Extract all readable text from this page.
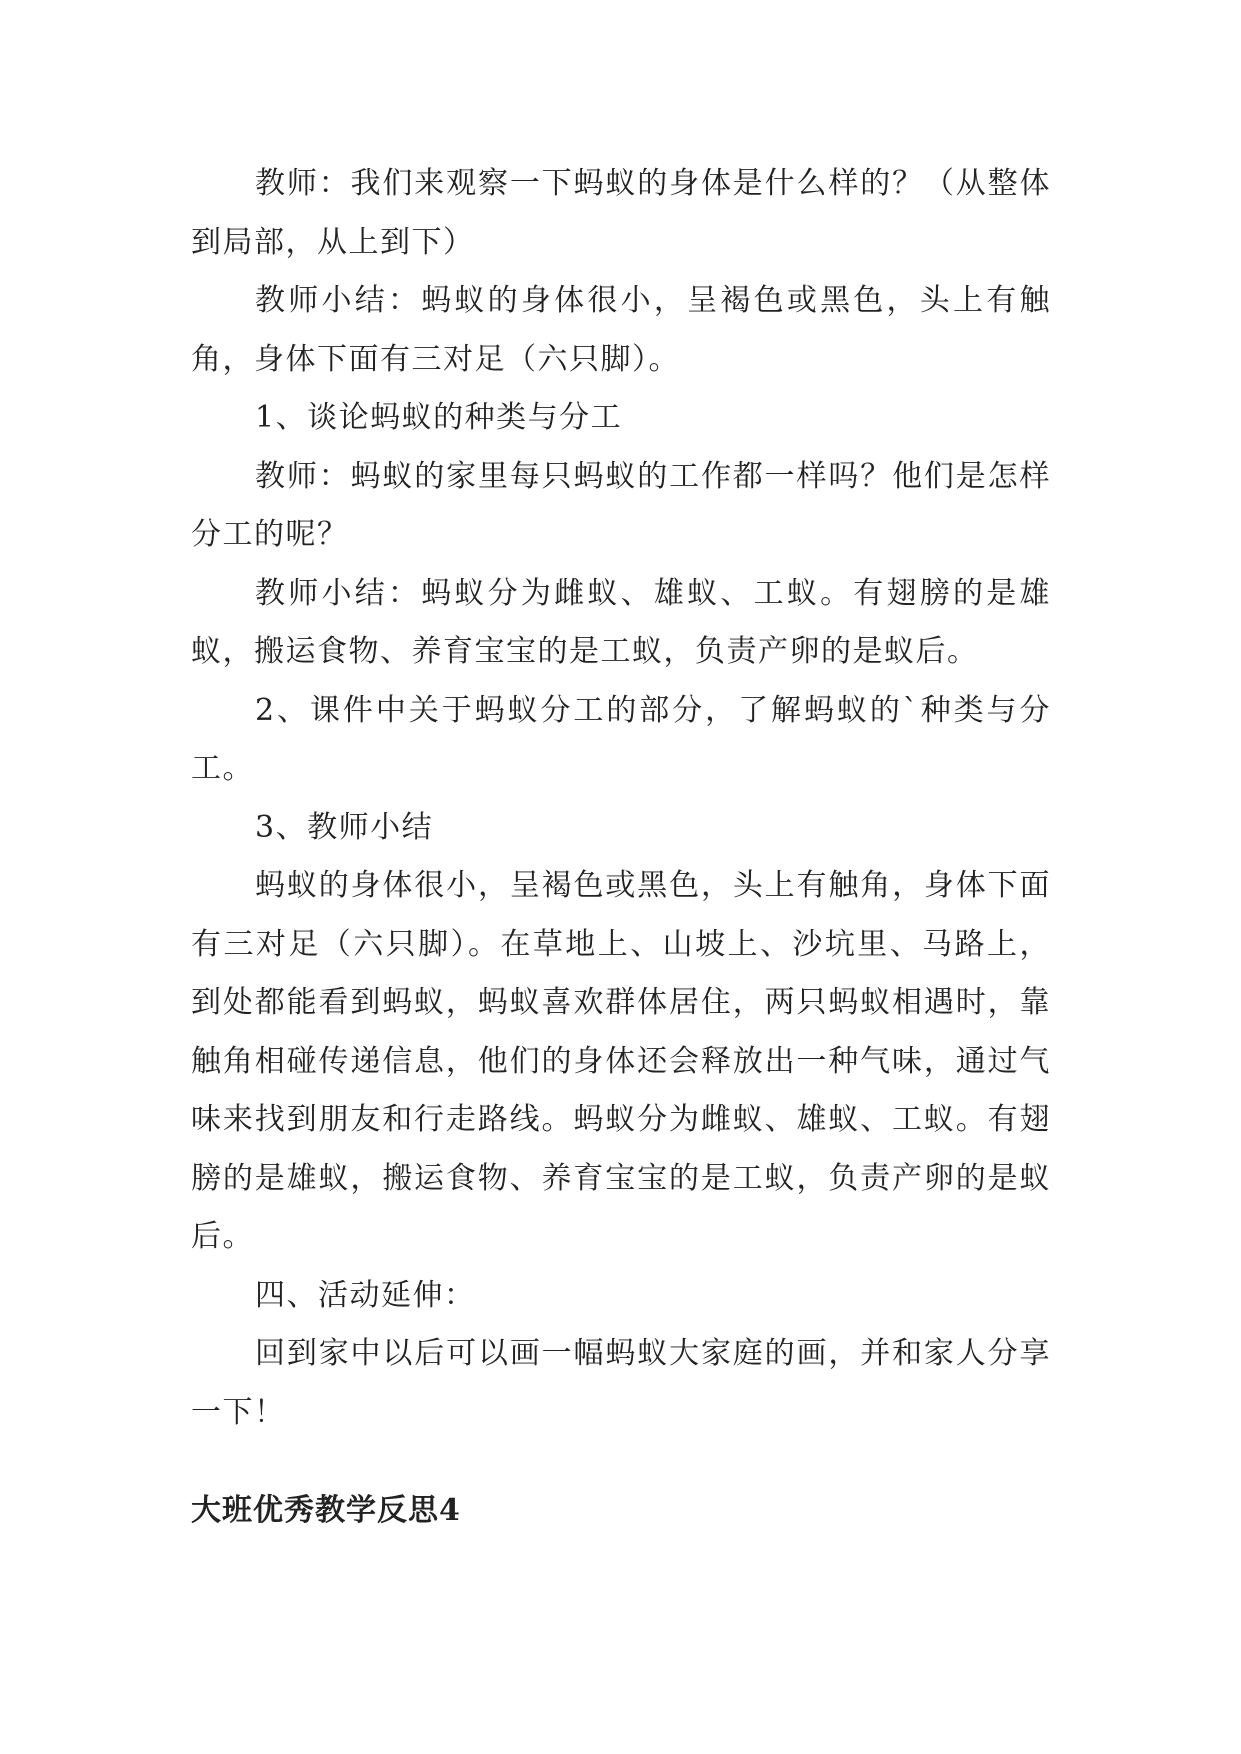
教师：我们来观察一下蚂蚁的身体是什么样的？（从整体到局部，从上到下）

教师小结：蚂蚁的身体很小，呈褐色或黑色，头上有触角，身体下面有三对足（六只脚）。

1、谈论蚂蚁的种类与分工

教师：蚂蚁的家里每只蚂蚁的工作都一样吗？他们是怎样分工的呢？

教师小结：蚂蚁分为雌蚁、雄蚁、工蚁。有翅膀的是雄蚁，搬运食物、养育宝宝的是工蚁，负责产卵的是蚁后。

2、课件中关于蚂蚁分工的部分，了解蚂蚁的`种类与分工。

3、教师小结

蚂蚁的身体很小，呈褐色或黑色，头上有触角，身体下面有三对足（六只脚）。在草地上、山坡上、沙坑里、马路上，到处都能看到蚂蚁，蚂蚁喜欢群体居住，两只蚂蚁相遇时，靠触角相碰传递信息，他们的身体还会释放出一种气味，通过气味来找到朋友和行走路线。蚂蚁分为雌蚁、雄蚁、工蚁。有翅膀的是雄蚁，搬运食物、养育宝宝的是工蚁，负责产卵的是蚁后。

四、活动延伸：

回到家中以后可以画一幅蚂蚁大家庭的画，并和家人分享一下！

大班优秀教学反思4
